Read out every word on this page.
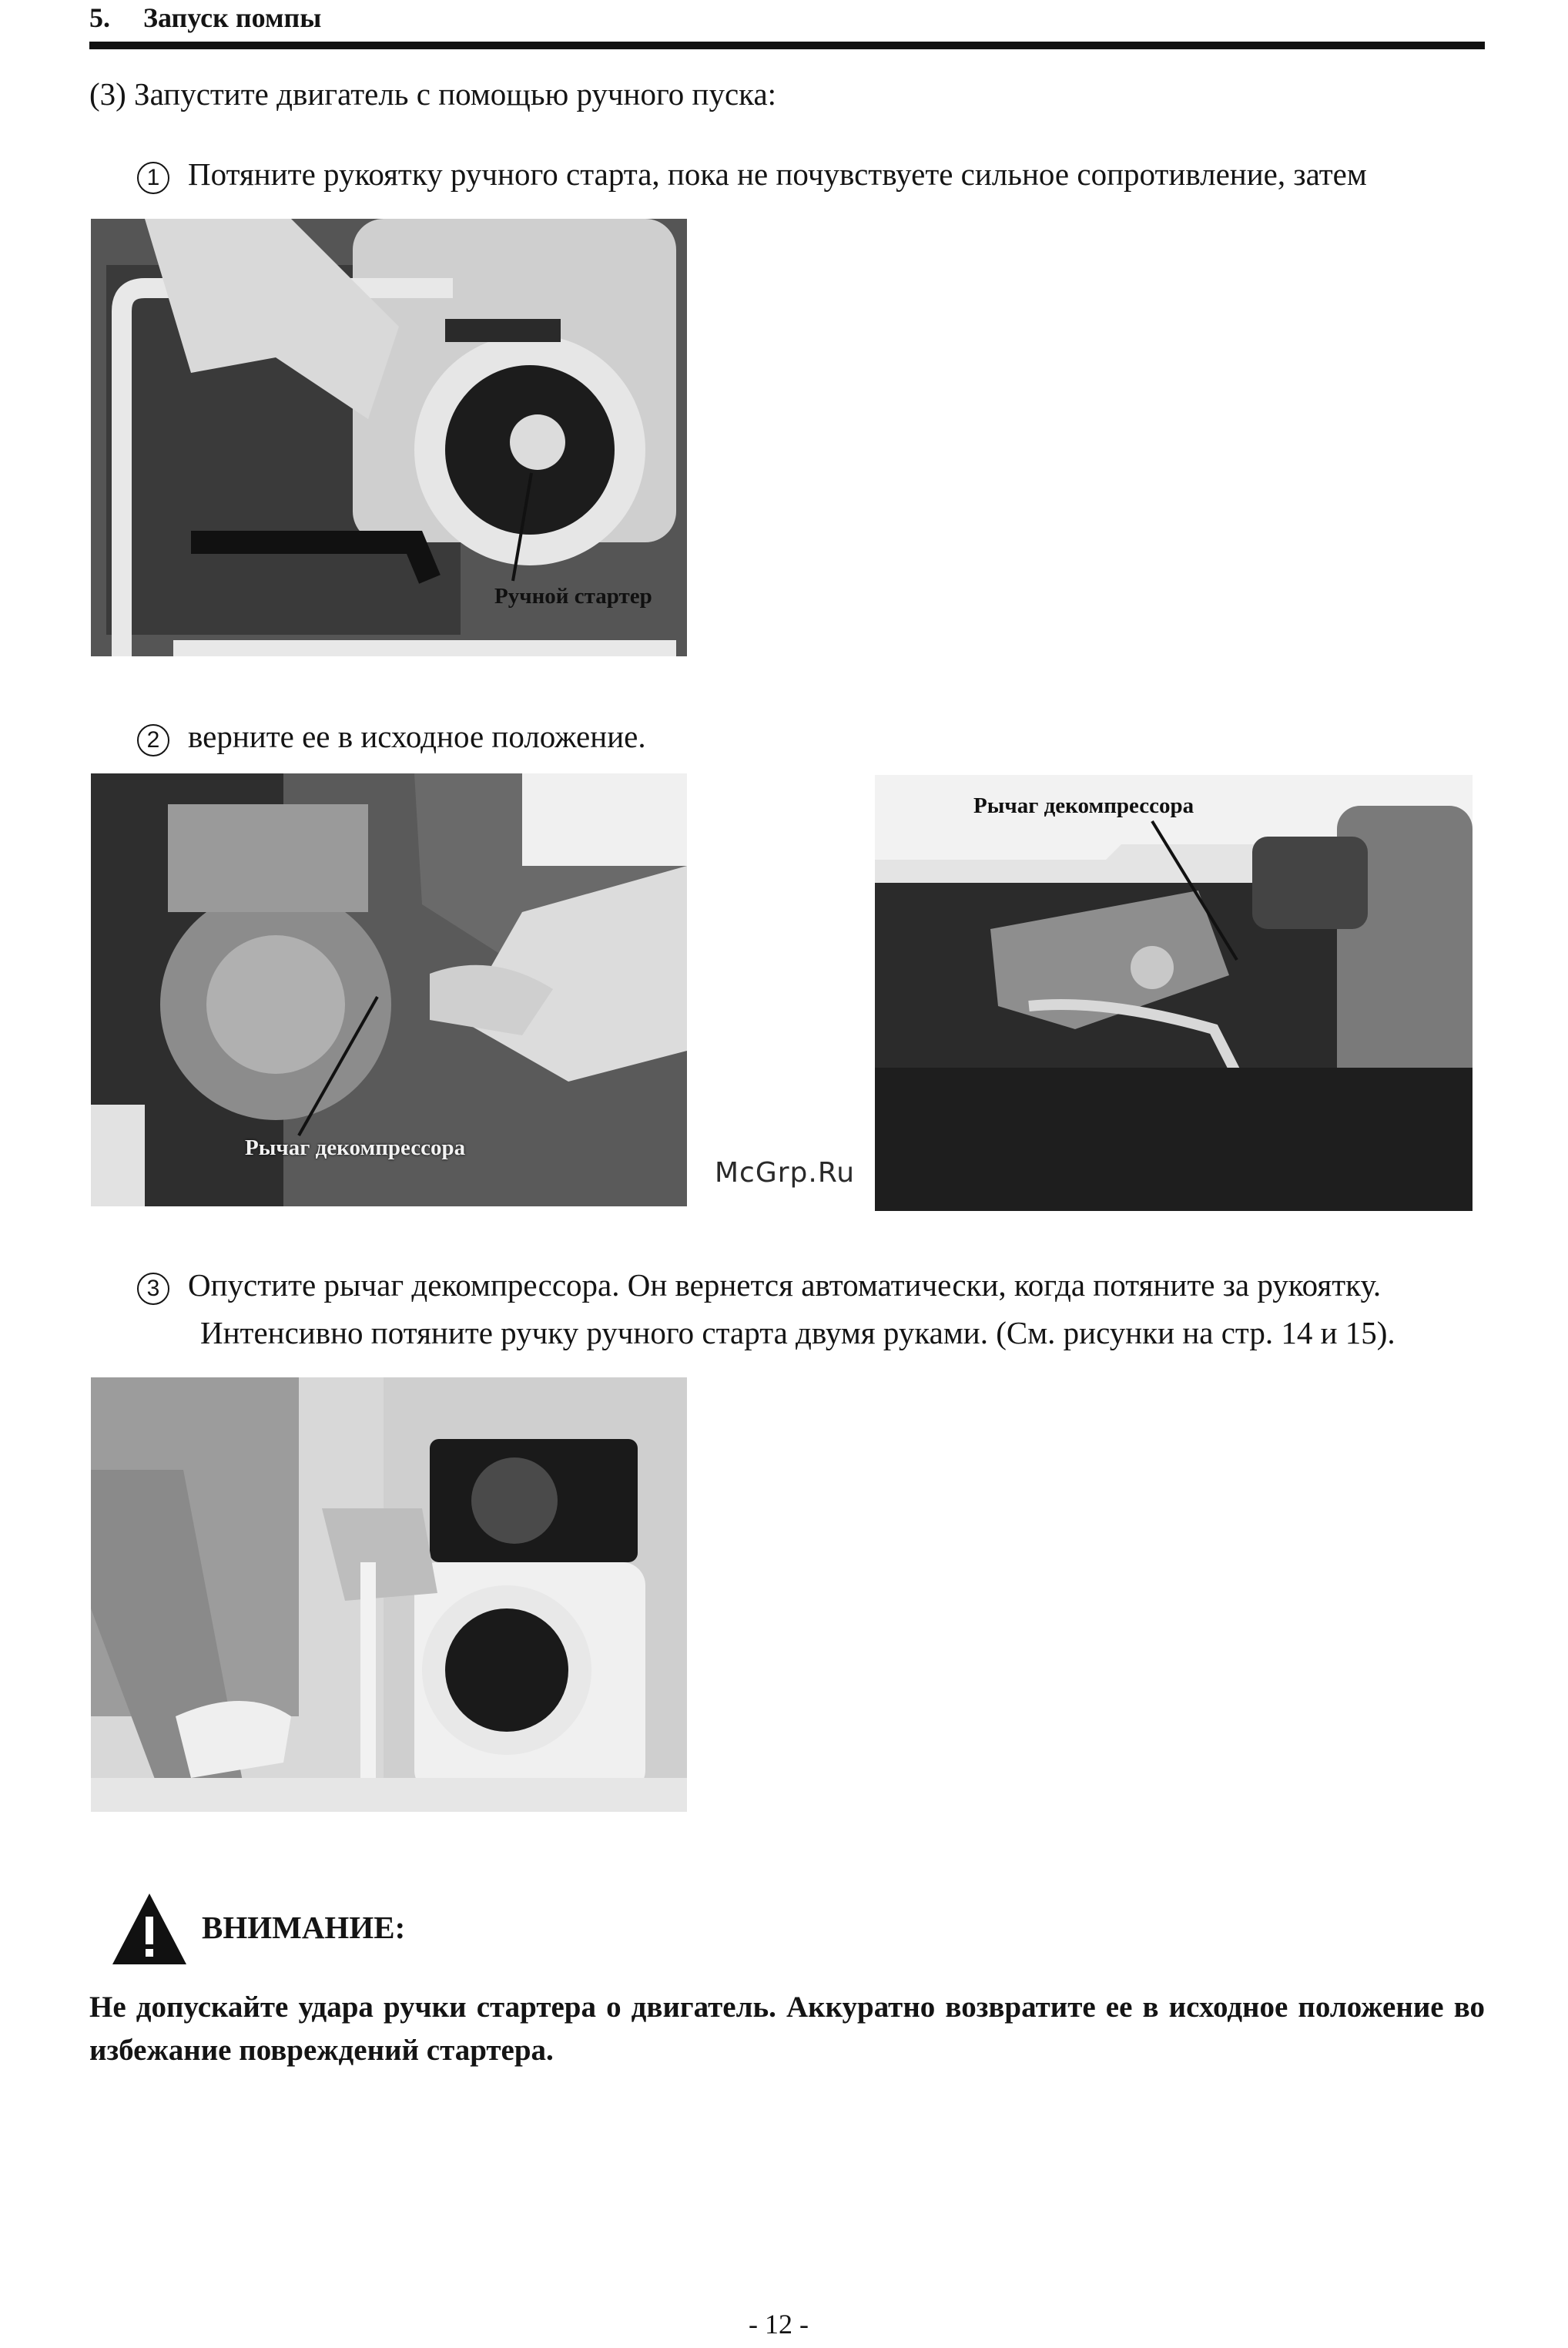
5. Запуск помпы
(3) Запустите двигатель с помощью ручного пуска:
1 Потяните рукоятку ручного старта, пока не почувствуете сильное сопротивление, затем
Ручной стартер
2 верните ее в исходное положение.
Рычаг декомпрессора
Рычаг декомпрессора
McGrp.Ru
3 Опустите рычаг декомпрессора. Он вернется автоматически, когда потяните за рукоятку.
Интенсивно потяните ручку ручного старта двумя руками. (См. рисунки на стр. 14 и 15).
ВНИМАНИЕ:
Не допускайте удара ручки стартера о двигатель. Аккуратно возвратите ее в исходное положение во избежание повреждений стартера.
- 12 -
